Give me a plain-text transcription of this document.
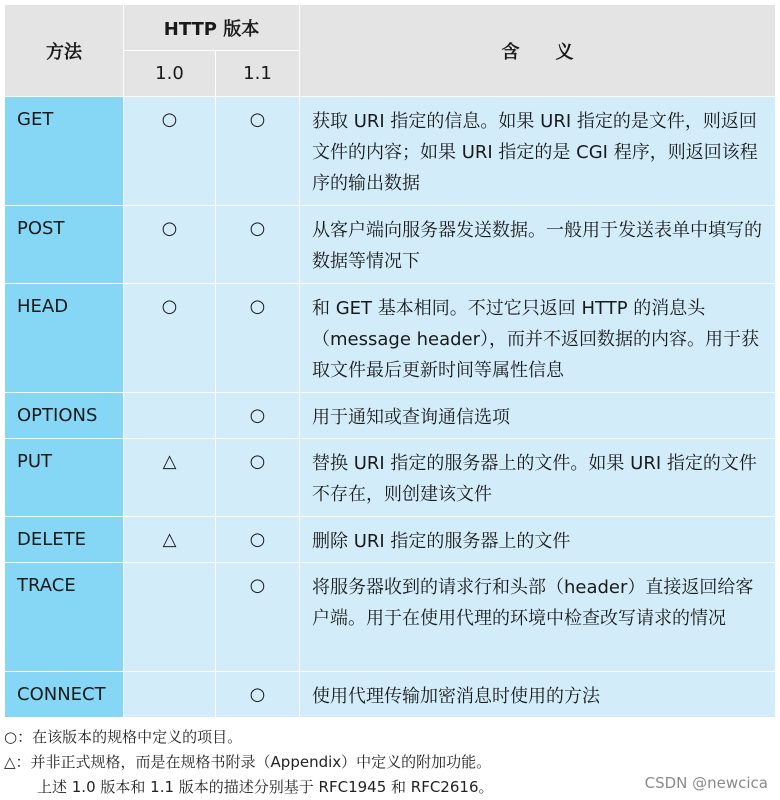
方法	HTTP 版本		含　　义
	1.0	1.1	
GET	○	○	获取 URI 指定的信息。如果 URI 指定的是文件，则返回文件的内容；如果 URI 指定的是 CGI 程序，则返回该程序的输出数据
POST	○	○	从客户端向服务器发送数据。一般用于发送表单中填写的数据等情况下
HEAD	○	○	和 GET 基本相同。不过它只返回 HTTP 的消息头（message header），而并不返回数据的内容。用于获取文件最后更新时间等属性信息
OPTIONS		○	用于通知或查询通信选项
PUT	△	○	替换 URI 指定的服务器上的文件。如果 URI 指定的文件不存在，则创建该文件
DELETE	△	○	删除 URI 指定的服务器上的文件
TRACE		○	将服务器收到的请求行和头部（header）直接返回给客户端。用于在使用代理的环境中检查改写请求的情况
CONNECT		○	使用代理传输加密消息时使用的方法
○：在该版本的规格中定义的项目。
△：并非正式规格，而是在规格书附录（Appendix）中定义的附加功能。
上述 1.0 版本和 1.1 版本的描述分别基于 RFC1945 和 RFC2616。	CSDN @newcica
